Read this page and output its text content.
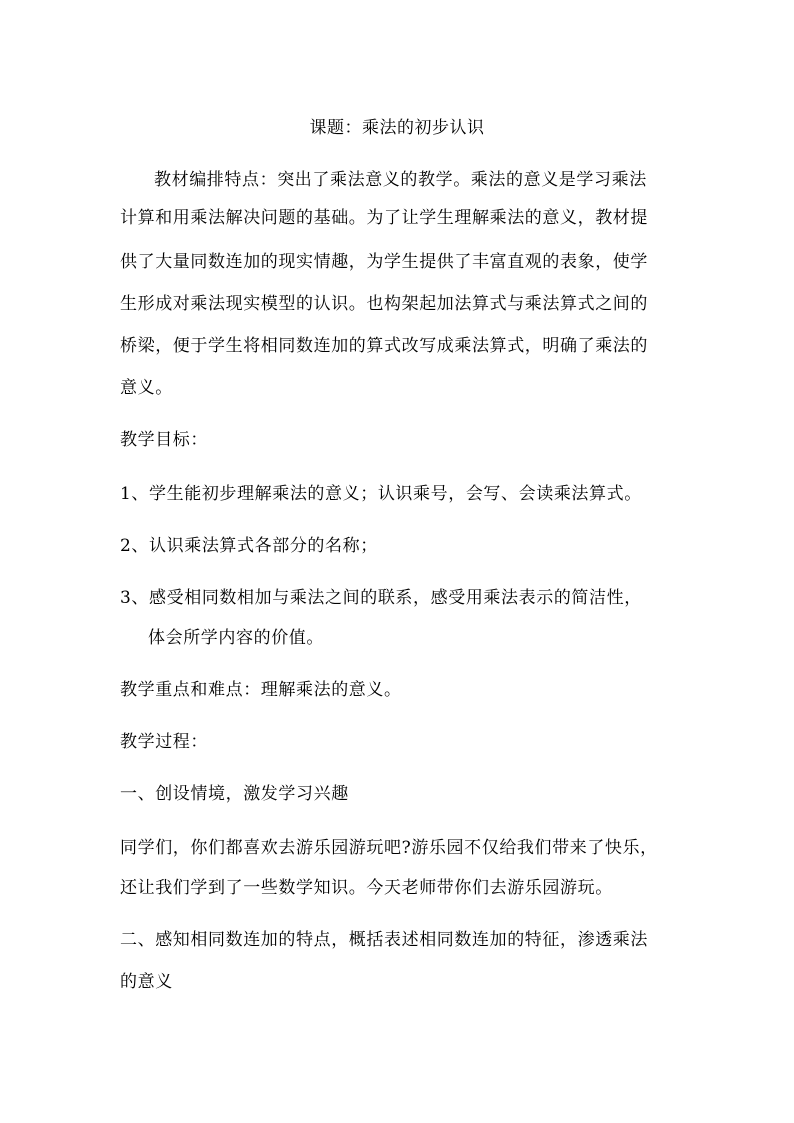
课题：乘法的初步认识
教材编排特点：突出了乘法意义的教学。乘法的意义是学习乘法
计算和用乘法解决问题的基础。为了让学生理解乘法的意义，教材提
供了大量同数连加的现实情趣，为学生提供了丰富直观的表象，使学
生形成对乘法现实模型的认识。也构架起加法算式与乘法算式之间的
桥梁，便于学生将相同数连加的算式改写成乘法算式，明确了乘法的
意义。
教学目标：
1、学生能初步理解乘法的意义；认识乘号，会写、会读乘法算式。
2、认识乘法算式各部分的名称；
3、感受相同数相加与乘法之间的联系，感受用乘法表示的简洁性，
体会所学内容的价值。
教学重点和难点：理解乘法的意义。
教学过程：
一、创设情境，激发学习兴趣
同学们，你们都喜欢去游乐园游玩吧?游乐园不仅给我们带来了快乐，
还让我们学到了一些数学知识。今天老师带你们去游乐园游玩。
二、感知相同数连加的特点，概括表述相同数连加的特征，渗透乘法
的意义
